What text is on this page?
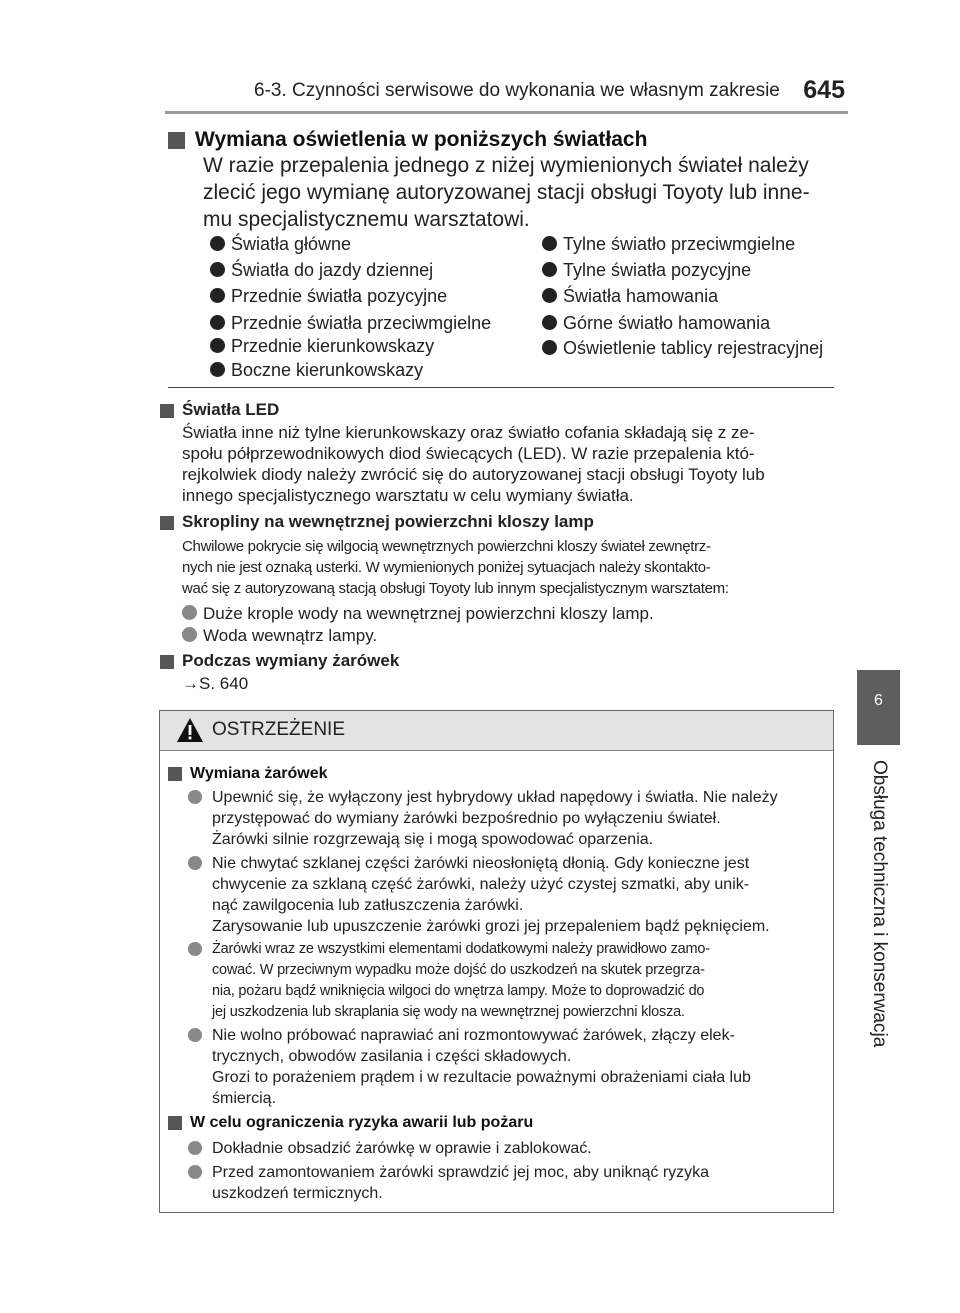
6-3. Czynności serwisowe do wykonania we własnym zakresie 645
6
Obsługa techniczna i konserwacja
Wymiana oświetlenia w poniższych światłach
W razie przepalenia jednego z niżej wymienionych świateł należy
zlecić jego wymianę autoryzowanej stacji obsługi Toyoty lub inne-
mu specjalistycznemu warsztatowi.
Światła główne
Światła do jazdy dziennej
Przednie światła pozycyjne
Przednie światła przeciwmgielne
Przednie kierunkowskazy
Boczne kierunkowskazy
Tylne światło przeciwmgielne
Tylne światła pozycyjne
Światła hamowania
Górne światło hamowania
Oświetlenie tablicy rejestracyjnej
Światła LED
Światła inne niż tylne kierunkowskazy oraz światło cofania składają się z ze-
społu półprzewodnikowych diod świecących (LED). W razie przepalenia któ-
rejkolwiek diody należy zwrócić się do autoryzowanej stacji obsługi Toyoty lub
innego specjalistycznego warsztatu w celu wymiany światła.
Skropliny na wewnętrznej powierzchni kloszy lamp
Chwilowe pokrycie się wilgocią wewnętrznych powierzchni kloszy świateł zewnętrz-
nych nie jest oznaką usterki. W wymienionych poniżej sytuacjach należy skontakto-
wać się z autoryzowaną stacją obsługi Toyoty lub innym specjalistycznym warsztatem:
Duże krople wody na wewnętrznej powierzchni kloszy lamp.
Woda wewnątrz lampy.
Podczas wymiany żarówek
→S. 640
OSTRZEŻENIE
Wymiana żarówek
Upewnić się, że wyłączony jest hybrydowy układ napędowy i światła. Nie należy
przystępować do wymiany żarówki bezpośrednio po wyłączeniu świateł.
Żarówki silnie rozgrzewają się i mogą spowodować oparzenia.
Nie chwytać szklanej części żarówki nieosłoniętą dłonią. Gdy konieczne jest
chwycenie za szklaną część żarówki, należy użyć czystej szmatki, aby unik-
nąć zawilgocenia lub zatłuszczenia żarówki.
Zarysowanie lub upuszczenie żarówki grozi jej przepaleniem bądź pęknięciem.
Żarówki wraz ze wszystkimi elementami dodatkowymi należy prawidłowo zamo-
cować. W przeciwnym wypadku może dojść do uszkodzeń na skutek przegrza-
nia, pożaru bądź wniknięcia wilgoci do wnętrza lampy. Może to doprowadzić do
jej uszkodzenia lub skraplania się wody na wewnętrznej powierzchni klosza.
Nie wolno próbować naprawiać ani rozmontowywać żarówek, złączy elek-
trycznych, obwodów zasilania i części składowych.
Grozi to porażeniem prądem i w rezultacie poważnymi obrażeniami ciała lub
śmiercią.
W celu ograniczenia ryzyka awarii lub pożaru
Dokładnie obsadzić żarówkę w oprawie i zablokować.
Przed zamontowaniem żarówki sprawdzić jej moc, aby uniknąć ryzyka
uszkodzeń termicznych.
